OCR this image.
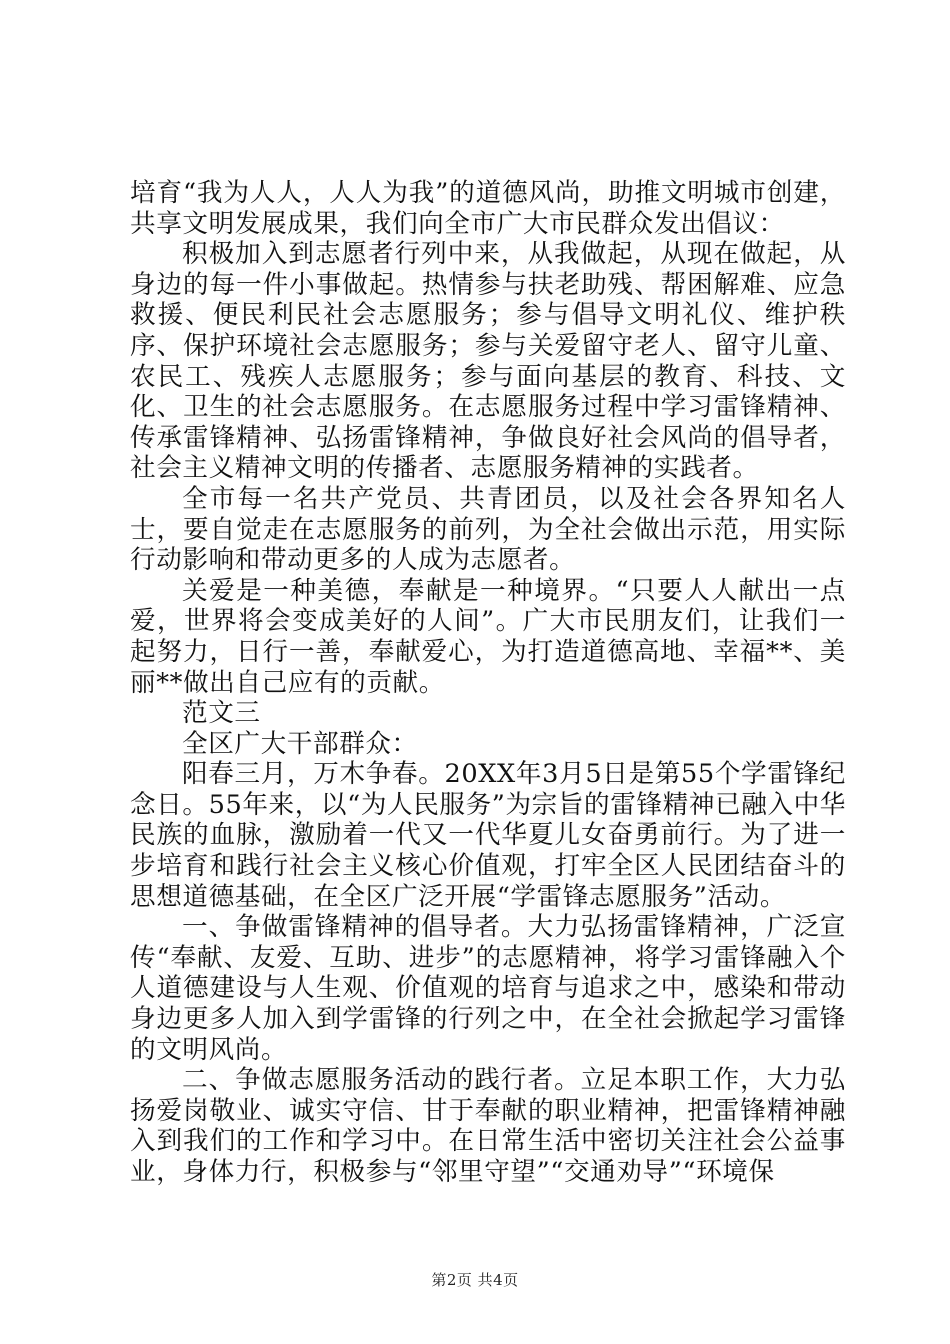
培育“我为人人，人人为我”的道德风尚，助推文明城市创建，共享文明发展成果，我们向全市广大市民群众发出倡议：

积极加入到志愿者行列中来，从我做起，从现在做起，从身边的每一件小事做起。热情参与扶老助残、帮困解难、应急救援、便民利民社会志愿服务；参与倡导文明礼仪、维护秩序、保护环境社会志愿服务；参与关爱留守老人、留守儿童、农民工、残疾人志愿服务；参与面向基层的教育、科技、文化、卫生的社会志愿服务。在志愿服务过程中学习雷锋精神、传承雷锋精神、弘扬雷锋精神，争做良好社会风尚的倡导者，社会主义精神文明的传播者、志愿服务精神的实践者。

全市每一名共产党员、共青团员，以及社会各界知名人士，要自觉走在志愿服务的前列，为全社会做出示范，用实际行动影响和带动更多的人成为志愿者。

关爱是一种美德，奉献是一种境界。“只要人人献出一点爱，世界将会变成美好的人间”。广大市民朋友们，让我们一起努力，日行一善，奉献爱心，为打造道德高地、幸福**、美丽**做出自己应有的贡献。

范文三

全区广大干部群众：

阳春三月，万木争春。20XX年3月5日是第55个学雷锋纪念日。55年来，以“为人民服务”为宗旨的雷锋精神已融入中华民族的血脉，激励着一代又一代华夏儿女奋勇前行。为了进一步培育和践行社会主义核心价值观，打牢全区人民团结奋斗的思想道德基础，在全区广泛开展“学雷锋志愿服务”活动。

一、争做雷锋精神的倡导者。大力弘扬雷锋精神，广泛宣传“奉献、友爱、互助、进步”的志愿精神，将学习雷锋融入个人道德建设与人生观、价值观的培育与追求之中，感染和带动身边更多人加入到学雷锋的行列之中，在全社会掀起学习雷锋的文明风尚。

二、争做志愿服务活动的践行者。立足本职工作，大力弘扬爱岗敬业、诚实守信、甘于奉献的职业精神，把雷锋精神融入到我们的工作和学习中。在日常生活中密切关注社会公益事业，身体力行，积极参与“邻里守望”“交通劝导”“环境保

第2页 共4页
